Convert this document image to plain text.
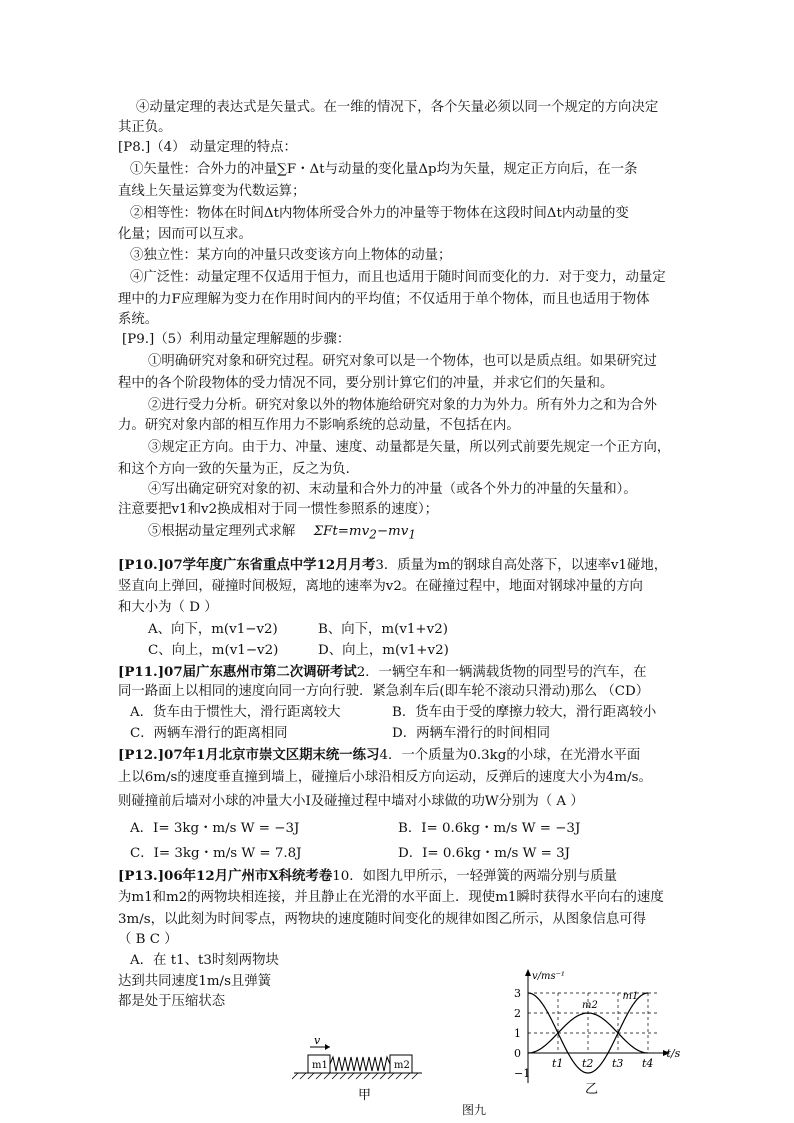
④动量定理的表达式是矢量式。在一维的情况下，各个矢量必须以同一个规定的方向决定
其正负。
[P8.]（4） 动量定理的特点：
①矢量性：合外力的冲量∑F・Δt与动量的变化量Δp均为矢量，规定正方向后，在一条
直线上矢量运算变为代数运算；
②相等性：物体在时间Δt内物体所受合外力的冲量等于物体在这段时间Δt内动量的变
化量；因而可以互求。
③独立性：某方向的冲量只改变该方向上物体的动量；
④广泛性：动量定理不仅适用于恒力，而且也适用于随时间而变化的力．对于变力，动量定
理中的力F应理解为变力在作用时间内的平均值；不仅适用于单个物体，而且也适用于物体
系统。
[P9.]（5）利用动量定理解题的步骤：
①明确研究对象和研究过程。研究对象可以是一个物体，也可以是质点组。如果研究过
程中的各个阶段物体的受力情况不同，要分别计算它们的冲量，并求它们的矢量和。
②进行受力分析。研究对象以外的物体施给研究对象的力为外力。所有外力之和为合外
力。研究对象内部的相互作用力不影响系统的总动量，不包括在内。
③规定正方向。由于力、冲量、速度、动量都是矢量，所以列式前要先规定一个正方向，
和这个方向一致的矢量为正，反之为负．
④写出确定研究对象的初、末动量和合外力的冲量（或各个外力的冲量的矢量和）。
注意要把v1和v2换成相对于同一惯性参照系的速度）；
⑤根据动量定理列式求解 $\Sigma Ft=mv_2-mv_1$
[P10.]07学年度广东省重点中学12月月考3．质量为m的钢球自高处落下，以速率v1碰地，
竖直向上弹回，碰撞时间极短，离地的速率为v2。在碰撞过程中，地面对钢球冲量的方向
和大小为（ D ）
A、向下，m(v1−v2)	B、向下，m(v1+v2)
C、向上，m(v1−v2)	D、向上，m(v1+v2)
[P11.]07届广东惠州市第二次调研考试2．一辆空车和一辆满载货物的同型号的汽车，在
同一路面上以相同的速度向同一方向行驶．紧急刹车后(即车轮不滚动只滑动)那么 （CD）
A．货车由于惯性大，滑行距离较大	B．货车由于受的摩擦力较大，滑行距离较小
C．两辆车滑行的距离相同	D．两辆车滑行的时间相同
[P12.]07年1月北京市崇文区期末统一练习4．一个质量为0.3kg的小球，在光滑水平面
上以6m/s的速度垂直撞到墙上，碰撞后小球沿相反方向运动，反弹后的速度大小为4m/s。
则碰撞前后墙对小球的冲量大小I及碰撞过程中墙对小球做的功W分别为（ A ）
A．I= 3kg・m/s W = −3J	B．I= 0.6kg・m/s W = −3J
C．I= 3kg・m/s W = 7.8J	D．I= 0.6kg・m/s W = 3J
[P13.]06年12月广州市X科统考卷10．如图九甲所示，一轻弹簧的两端分别与质量
为m1和m2的两物块相连接，并且静止在光滑的水平面上．现使m1瞬时获得水平向右的速度
3m/s，以此刻为时间零点，两物块的速度随时间变化的规律如图乙所示，从图象信息可得
（ B C ）
A．在 t1、t3时刻两物块
达到共同速度1m/s且弹簧
都是处于压缩状态
m1	m2
v
甲
v/ms⁻¹
t/s
3
2
1
0
−1
t1 t2 t3 t4
乙
m1
m2
图九
